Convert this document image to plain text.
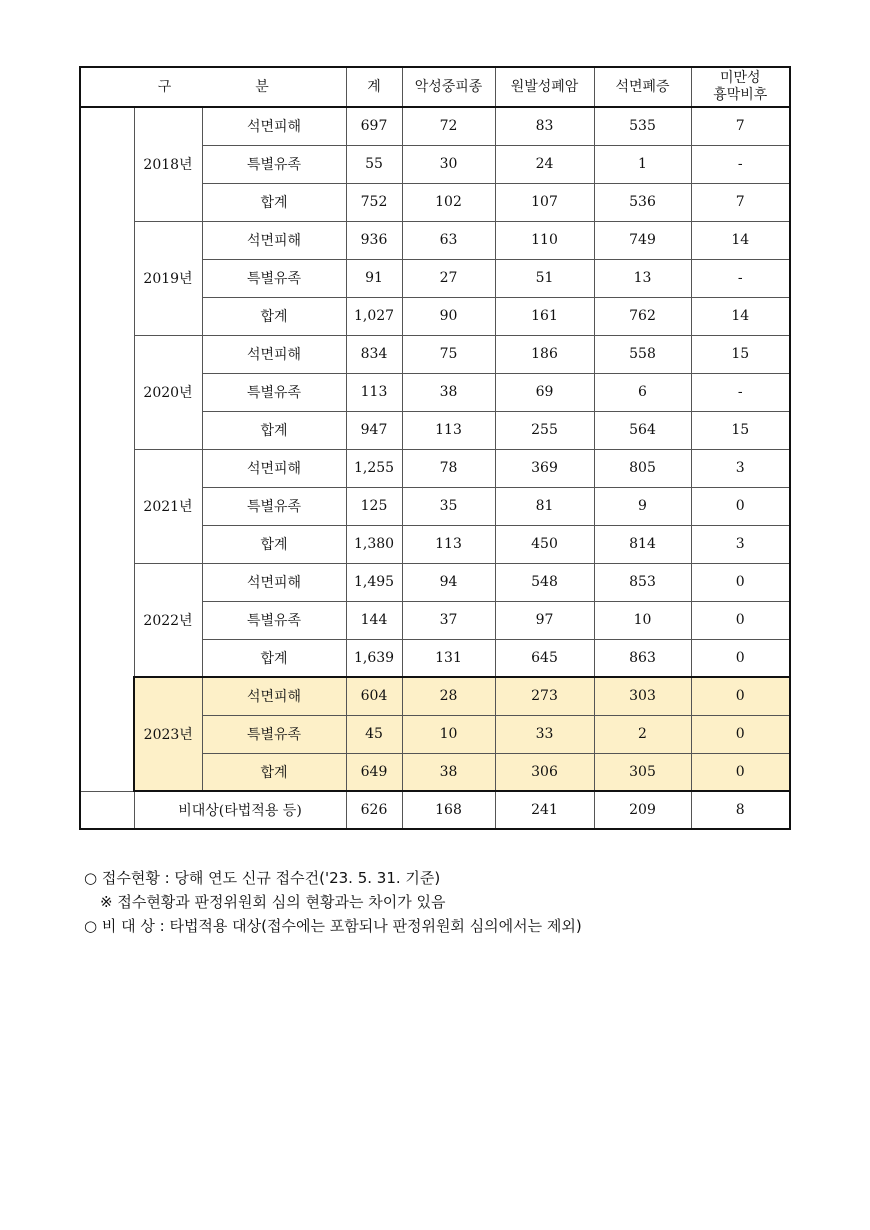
구 분			계	악성중피종	원발성폐암	석면폐증	미만성
흉막비후
	2018년	석면피해	697	72	83	535	7
		특별유족	55	30	24	1	-
		합계	752	102	107	536	7
	2019년	석면피해	936	63	110	749	14
		특별유족	91	27	51	13	-
		합계	1,027	90	161	762	14
	2020년	석면피해	834	75	186	558	15
		특별유족	113	38	69	6	-
		합계	947	113	255	564	15
	2021년	석면피해	1,255	78	369	805	3
		특별유족	125	35	81	9	0
		합계	1,380	113	450	814	3
	2022년	석면피해	1,495	94	548	853	0
		특별유족	144	37	97	10	0
		합계	1,639	131	645	863	0
	2023년	석면피해	604	28	273	303	0
		특별유족	45	10	33	2	0
		합계	649	38	306	305	0
	비대상(타법적용 등)		626	168	241	209	8
○ 접수현황 : 당해 연도 신규 접수건('23. 5. 31. 기준)
※ 접수현황과 판정위원회 심의 현황과는 차이가 있음
○ 비 대 상 : 타법적용 대상(접수에는 포함되나 판정위원회 심의에서는 제외)
